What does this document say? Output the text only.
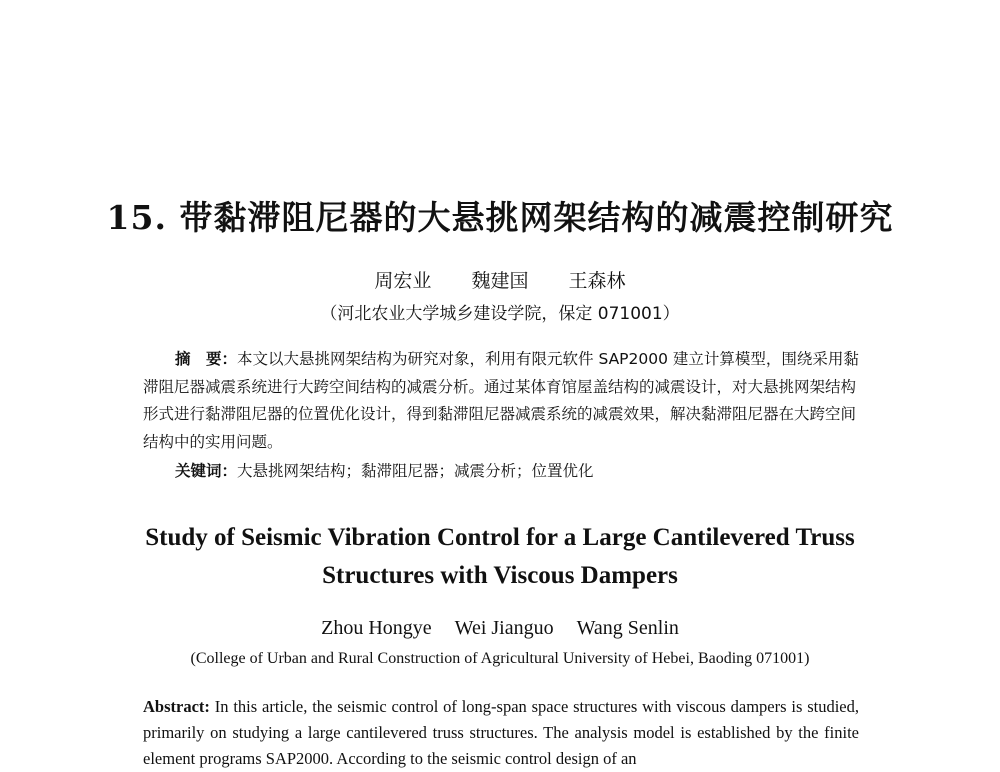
15. 带黏滞阻尼器的大悬挑网架结构的减震控制研究
周宏业 魏建国 王森林
（河北农业大学城乡建设学院，保定 071001）

摘　要：本文以大悬挑网架结构为研究对象，利用有限元软件 SAP2000 建立计算模型，围绕采用黏滞阻尼器减震系统进行大跨空间结构的减震分析。通过某体育馆屋盖结构的减震设计，对大悬挑网架结构形式进行黏滞阻尼器的位置优化设计，得到黏滞阻尼器减震系统的减震效果，解决黏滞阻尼器在大跨空间结构中的实用问题。

关键词：大悬挑网架结构；黏滞阻尼器；减震分析；位置优化

Study of Seismic Vibration Control for a Large Cantilevered Truss
Structures with Viscous Dampers
Zhou Hongye Wei Jianguo Wang Senlin
(College of Urban and Rural Construction of Agricultural University of Hebei, Baoding 071001)

Abstract: In this article, the seismic control of long-span space structures with viscous dampers is studied, primarily on studying a large cantilevered truss structures. The analysis model is established by the finite element programs SAP2000. According to the seismic control design of an
